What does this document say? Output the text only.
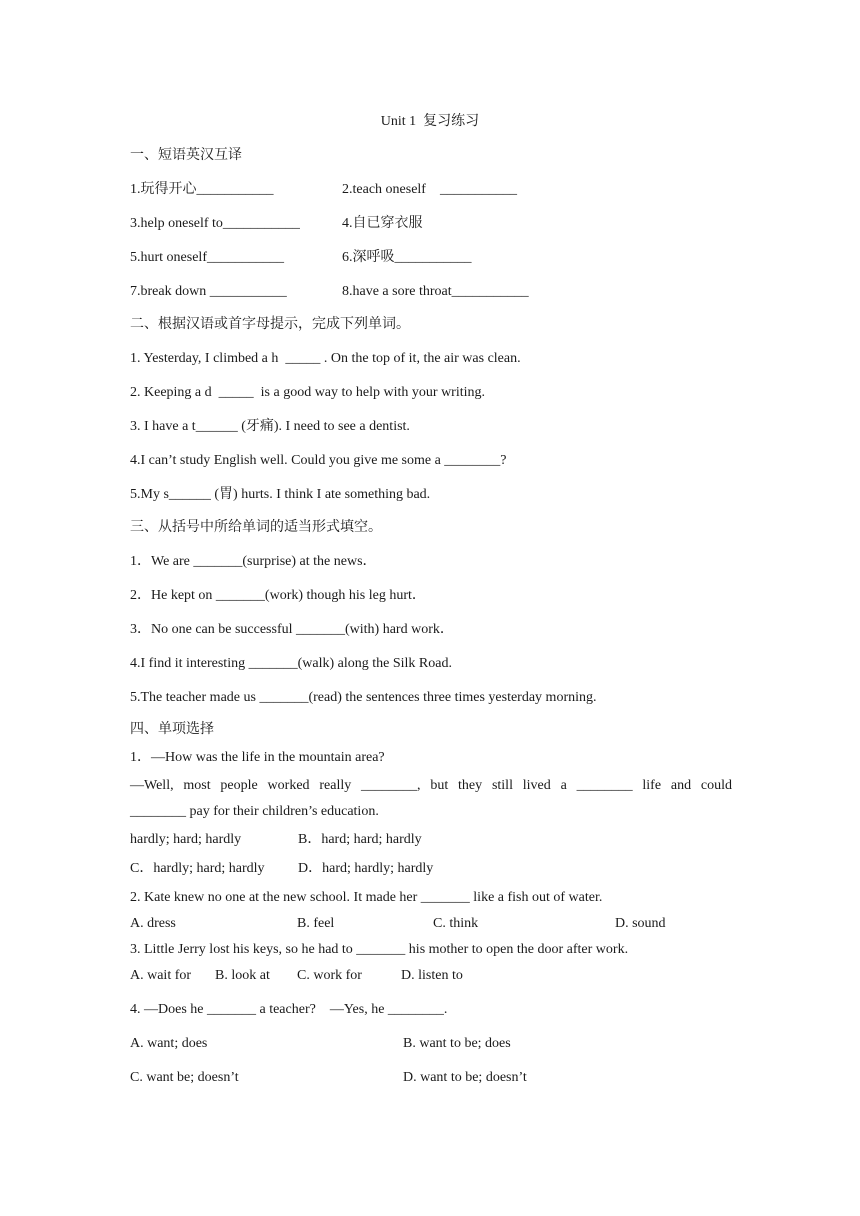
Unit 1  复习练习
一、短语英汉互译
1.玩得开心___________	2.teach oneself    ___________
3.help oneself to___________	4.自已穿衣服
5.hurt oneself___________	6.深呼吸___________
7.break down ___________	8.have a sore throat___________
二、根据汉语或首字母提示，完成下列单词。
1. Yesterday, I climbed a h  _____ . On the top of it, the air was clean.
2. Keeping a d  _____  is a good way to help with your writing.
3. I have a t______ (牙痛). I need to see a dentist.
4.I can’t study English well. Could you give me some a ________?
5.My s______ (胃) hurts. I think I ate something bad.
三、从括号中所给单词的适当形式填空。
1．We are _______(surprise) at the news．
2．He kept on _______(work) though his leg hurt．
3．No one can be successful _______(with) hard work．
4.I find it interesting _______(walk) along the Silk Road.
5.The teacher made us _______(read) the sentences three times yesterday morning.
四、单项选择
1．—How was the life in the mountain area?
—Well, most people worked really ________, but they still lived a ________ life and could
________ pay for their children’s education.
hardly; hard; hardly	B．hard; hard; hardly
C．hardly; hard; hardly D．hard; hardly; hardly
2. Kate knew no one at the new school. It made her _______ like a fish out of water.
A. dress	B. feel	C. think	D. sound
3. Little Jerry lost his keys, so he had to _______ his mother to open the door after work.
A. wait for B. look at C. work for	D. listen to
4. —Does he _______ a teacher?    —Yes, he ________.
A. want; does	B. want to be; does
C. want be; doesn’t	D. want to be; doesn’t
